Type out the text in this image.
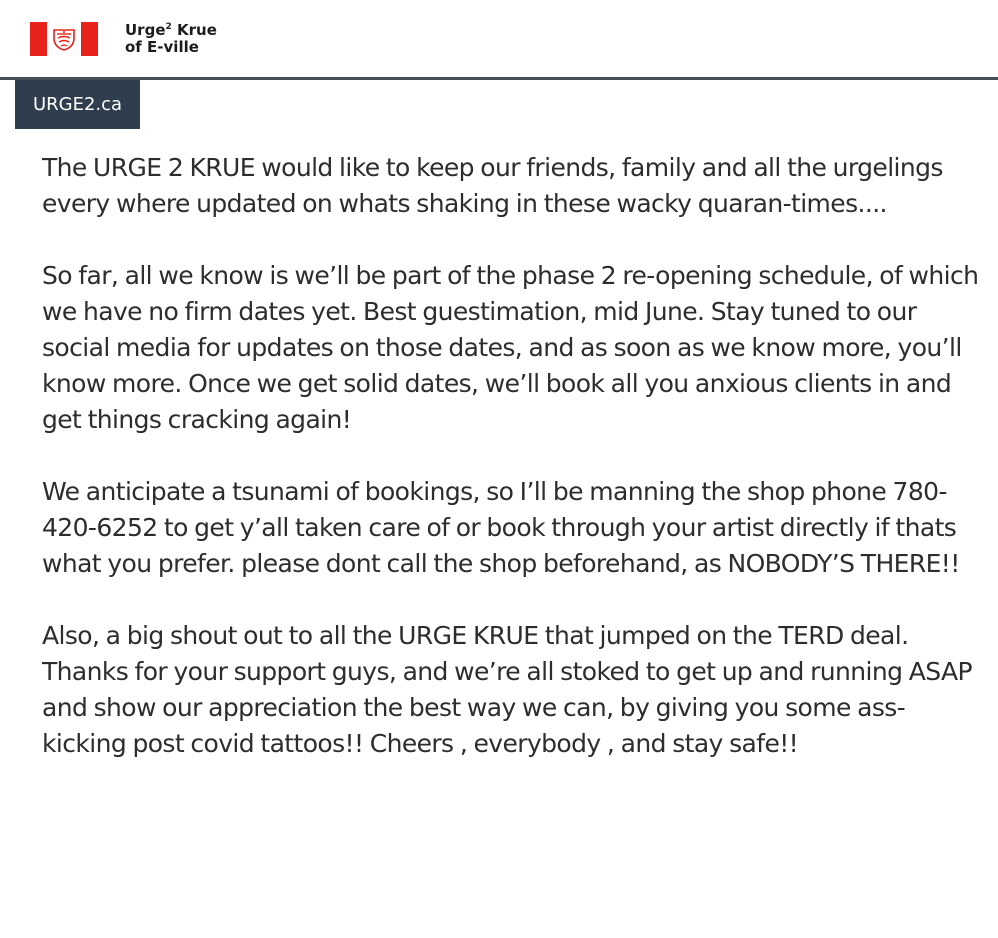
Urge$^2$ Krue
of E-ville
URGE2.ca

The URGE 2 KRUE would like to keep our friends, family and all the urgelings every where updated on whats shaking in these wacky quaran-times....

So far, all we know is we’ll be part of the phase 2 re-opening schedule, of which we have no firm dates yet. Best guestimation, mid June. Stay tuned to our social media for updates on those dates, and as soon as we know more, you’ll know more. Once we get solid dates, we’ll book all you anxious clients in and get things cracking again!

We anticipate a tsunami of bookings, so I’ll be manning the shop phone 780-420-6252 to get y’all taken care of or book through your artist directly if thats what you prefer. please dont call the shop beforehand, as NOBODY’S THERE!!

Also, a big shout out to all the URGE KRUE that jumped on the TERD deal. Thanks for your support guys, and we’re all stoked to get up and running ASAP and show our appreciation the best way we can, by giving you some ass-kicking post covid tattoos!! Cheers , everybody , and stay safe!!
